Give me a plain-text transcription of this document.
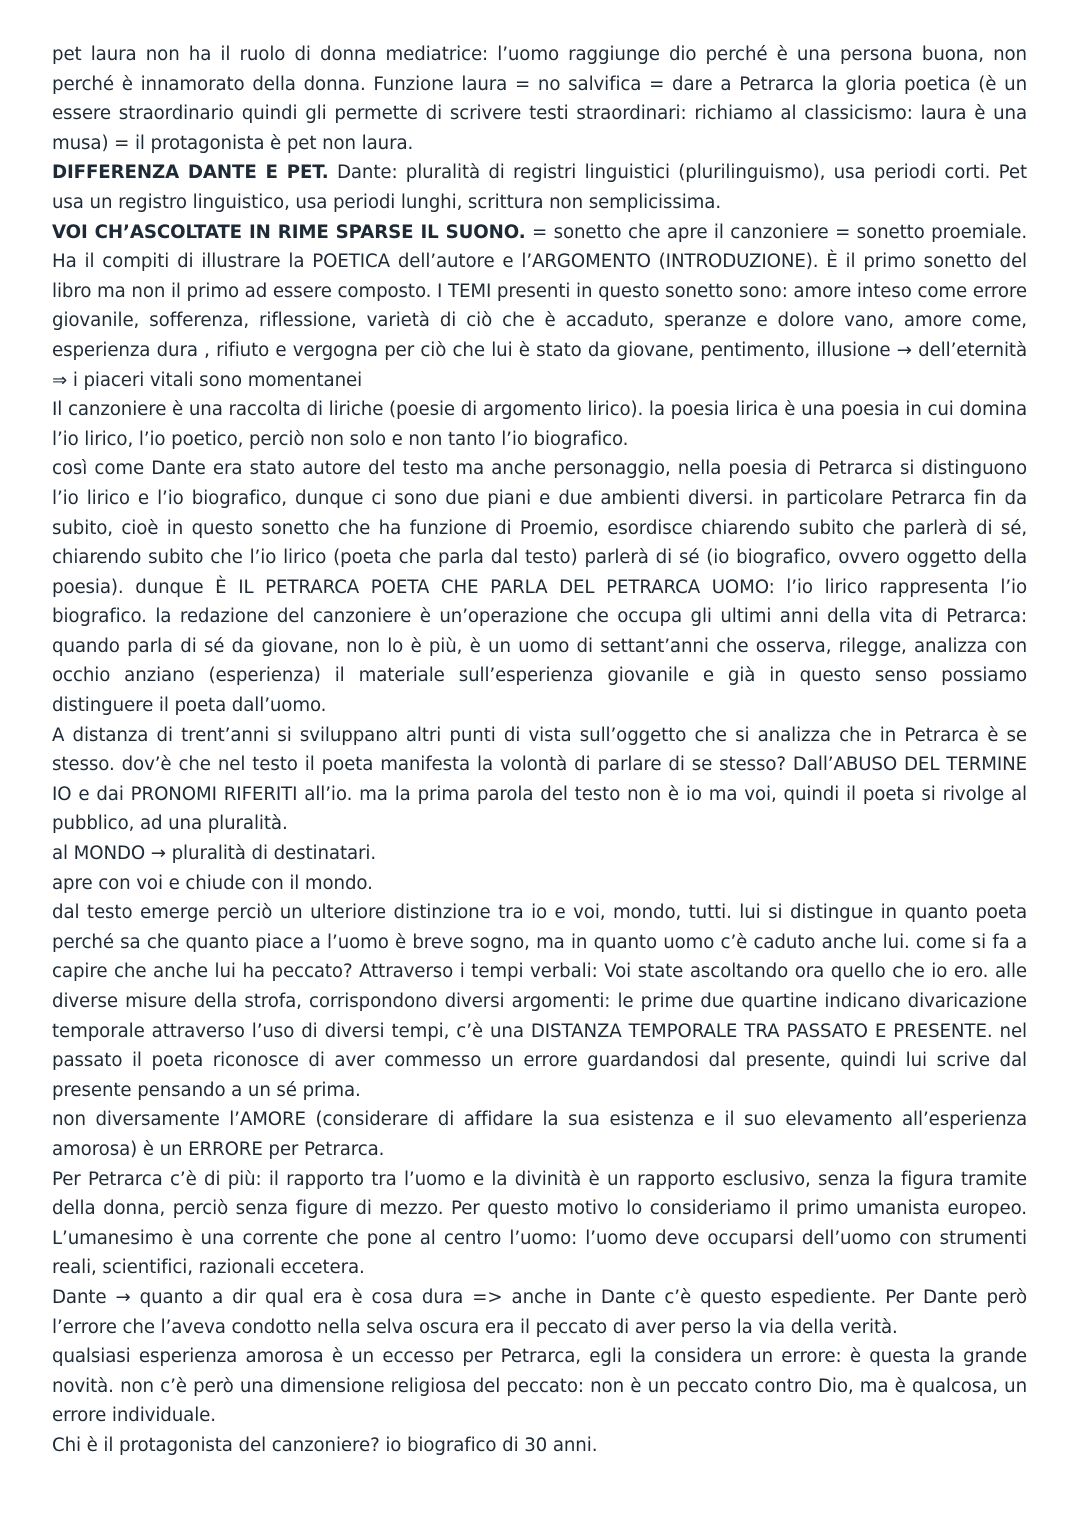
pet laura non ha il ruolo di donna mediatrice: l’uomo raggiunge dio perché è una persona buona, non perché è innamorato della donna. Funzione laura = no salvifica = dare a Petrarca la gloria poetica (è un essere straordinario quindi gli permette di scrivere testi straordinari: richiamo al classicismo: laura è una musa) = il protagonista è pet non laura.

DIFFERENZA DANTE E PET. Dante: pluralità di registri linguistici (plurilinguismo), usa periodi corti. Pet usa un registro linguistico, usa periodi lunghi, scrittura non semplicissima.

VOI CH’ASCOLTATE IN RIME SPARSE IL SUONO. = sonetto che apre il canzoniere = sonetto proemiale. Ha il compiti di illustrare la POETICA dell’autore e l’ARGOMENTO (INTRODUZIONE). È il primo sonetto del libro ma non il primo ad essere composto. I TEMI presenti in questo sonetto sono: amore inteso come errore giovanile, sofferenza, riflessione, varietà di ciò che è accaduto, speranze e dolore vano, amore come, esperienza dura , rifiuto e vergogna per ciò che lui è stato da giovane, pentimento, illusione → dell’eternità ⇒ i piaceri vitali sono momentanei

Il canzoniere è una raccolta di liriche (poesie di argomento lirico). la poesia lirica è una poesia in cui domina l’io lirico, l’io poetico, perciò non solo e non tanto l’io biografico.

così come Dante era stato autore del testo ma anche personaggio, nella poesia di Petrarca si distinguono l’io lirico e l’io biografico, dunque ci sono due piani e due ambienti diversi. in particolare Petrarca fin da subito, cioè in questo sonetto che ha funzione di Proemio, esordisce chiarendo subito che parlerà di sé, chiarendo subito che l’io lirico (poeta che parla dal testo) parlerà di sé (io biografico, ovvero oggetto della poesia). dunque È IL PETRARCA POETA CHE PARLA DEL PETRARCA UOMO: l’io lirico rappresenta l’io biografico. la redazione del canzoniere è un’operazione che occupa gli ultimi anni della vita di Petrarca: quando parla di sé da giovane, non lo è più, è un uomo di settant’anni che osserva, rilegge, analizza con occhio anziano (esperienza) il materiale sull’esperienza giovanile e già in questo senso possiamo distinguere il poeta dall’uomo.

A distanza di trent’anni si sviluppano altri punti di vista sull’oggetto che si analizza che in Petrarca è se stesso. dov’è che nel testo il poeta manifesta la volontà di parlare di se stesso? Dall’ABUSO DEL TERMINE IO e dai PRONOMI RIFERITI all’io. ma la prima parola del testo non è io ma voi, quindi il poeta si rivolge al pubblico, ad una pluralità.

al MONDO → pluralità di destinatari.

apre con voi e chiude con il mondo.

dal testo emerge perciò un ulteriore distinzione tra io e voi, mondo, tutti. lui si distingue in quanto poeta perché sa che quanto piace a l’uomo è breve sogno, ma in quanto uomo c’è caduto anche lui. come si fa a capire che anche lui ha peccato? Attraverso i tempi verbali: Voi state ascoltando ora quello che io ero. alle diverse misure della strofa, corrispondono diversi argomenti: le prime due quartine indicano divaricazione temporale attraverso l’uso di diversi tempi, c’è una DISTANZA TEMPORALE TRA PASSATO E PRESENTE. nel passato il poeta riconosce di aver commesso un errore guardandosi dal presente, quindi lui scrive dal presente pensando a un sé prima.

non diversamente l’AMORE (considerare di affidare la sua esistenza e il suo elevamento all’esperienza amorosa) è un ERRORE per Petrarca.

Per Petrarca c’è di più: il rapporto tra l’uomo e la divinità è un rapporto esclusivo, senza la figura tramite della donna, perciò senza figure di mezzo. Per questo motivo lo consideriamo il primo umanista europeo. L’umanesimo è una corrente che pone al centro l’uomo: l’uomo deve occuparsi dell’uomo con strumenti reali, scientifici, razionali eccetera.

Dante → quanto a dir qual era è cosa dura => anche in Dante c’è questo espediente. Per Dante però l’errore che l’aveva condotto nella selva oscura era il peccato di aver perso la via della verità.

qualsiasi esperienza amorosa è un eccesso per Petrarca, egli la considera un errore: è questa la grande novità. non c’è però una dimensione religiosa del peccato: non è un peccato contro Dio, ma è qualcosa, un errore individuale.

Chi è il protagonista del canzoniere? io biografico di 30 anni.
